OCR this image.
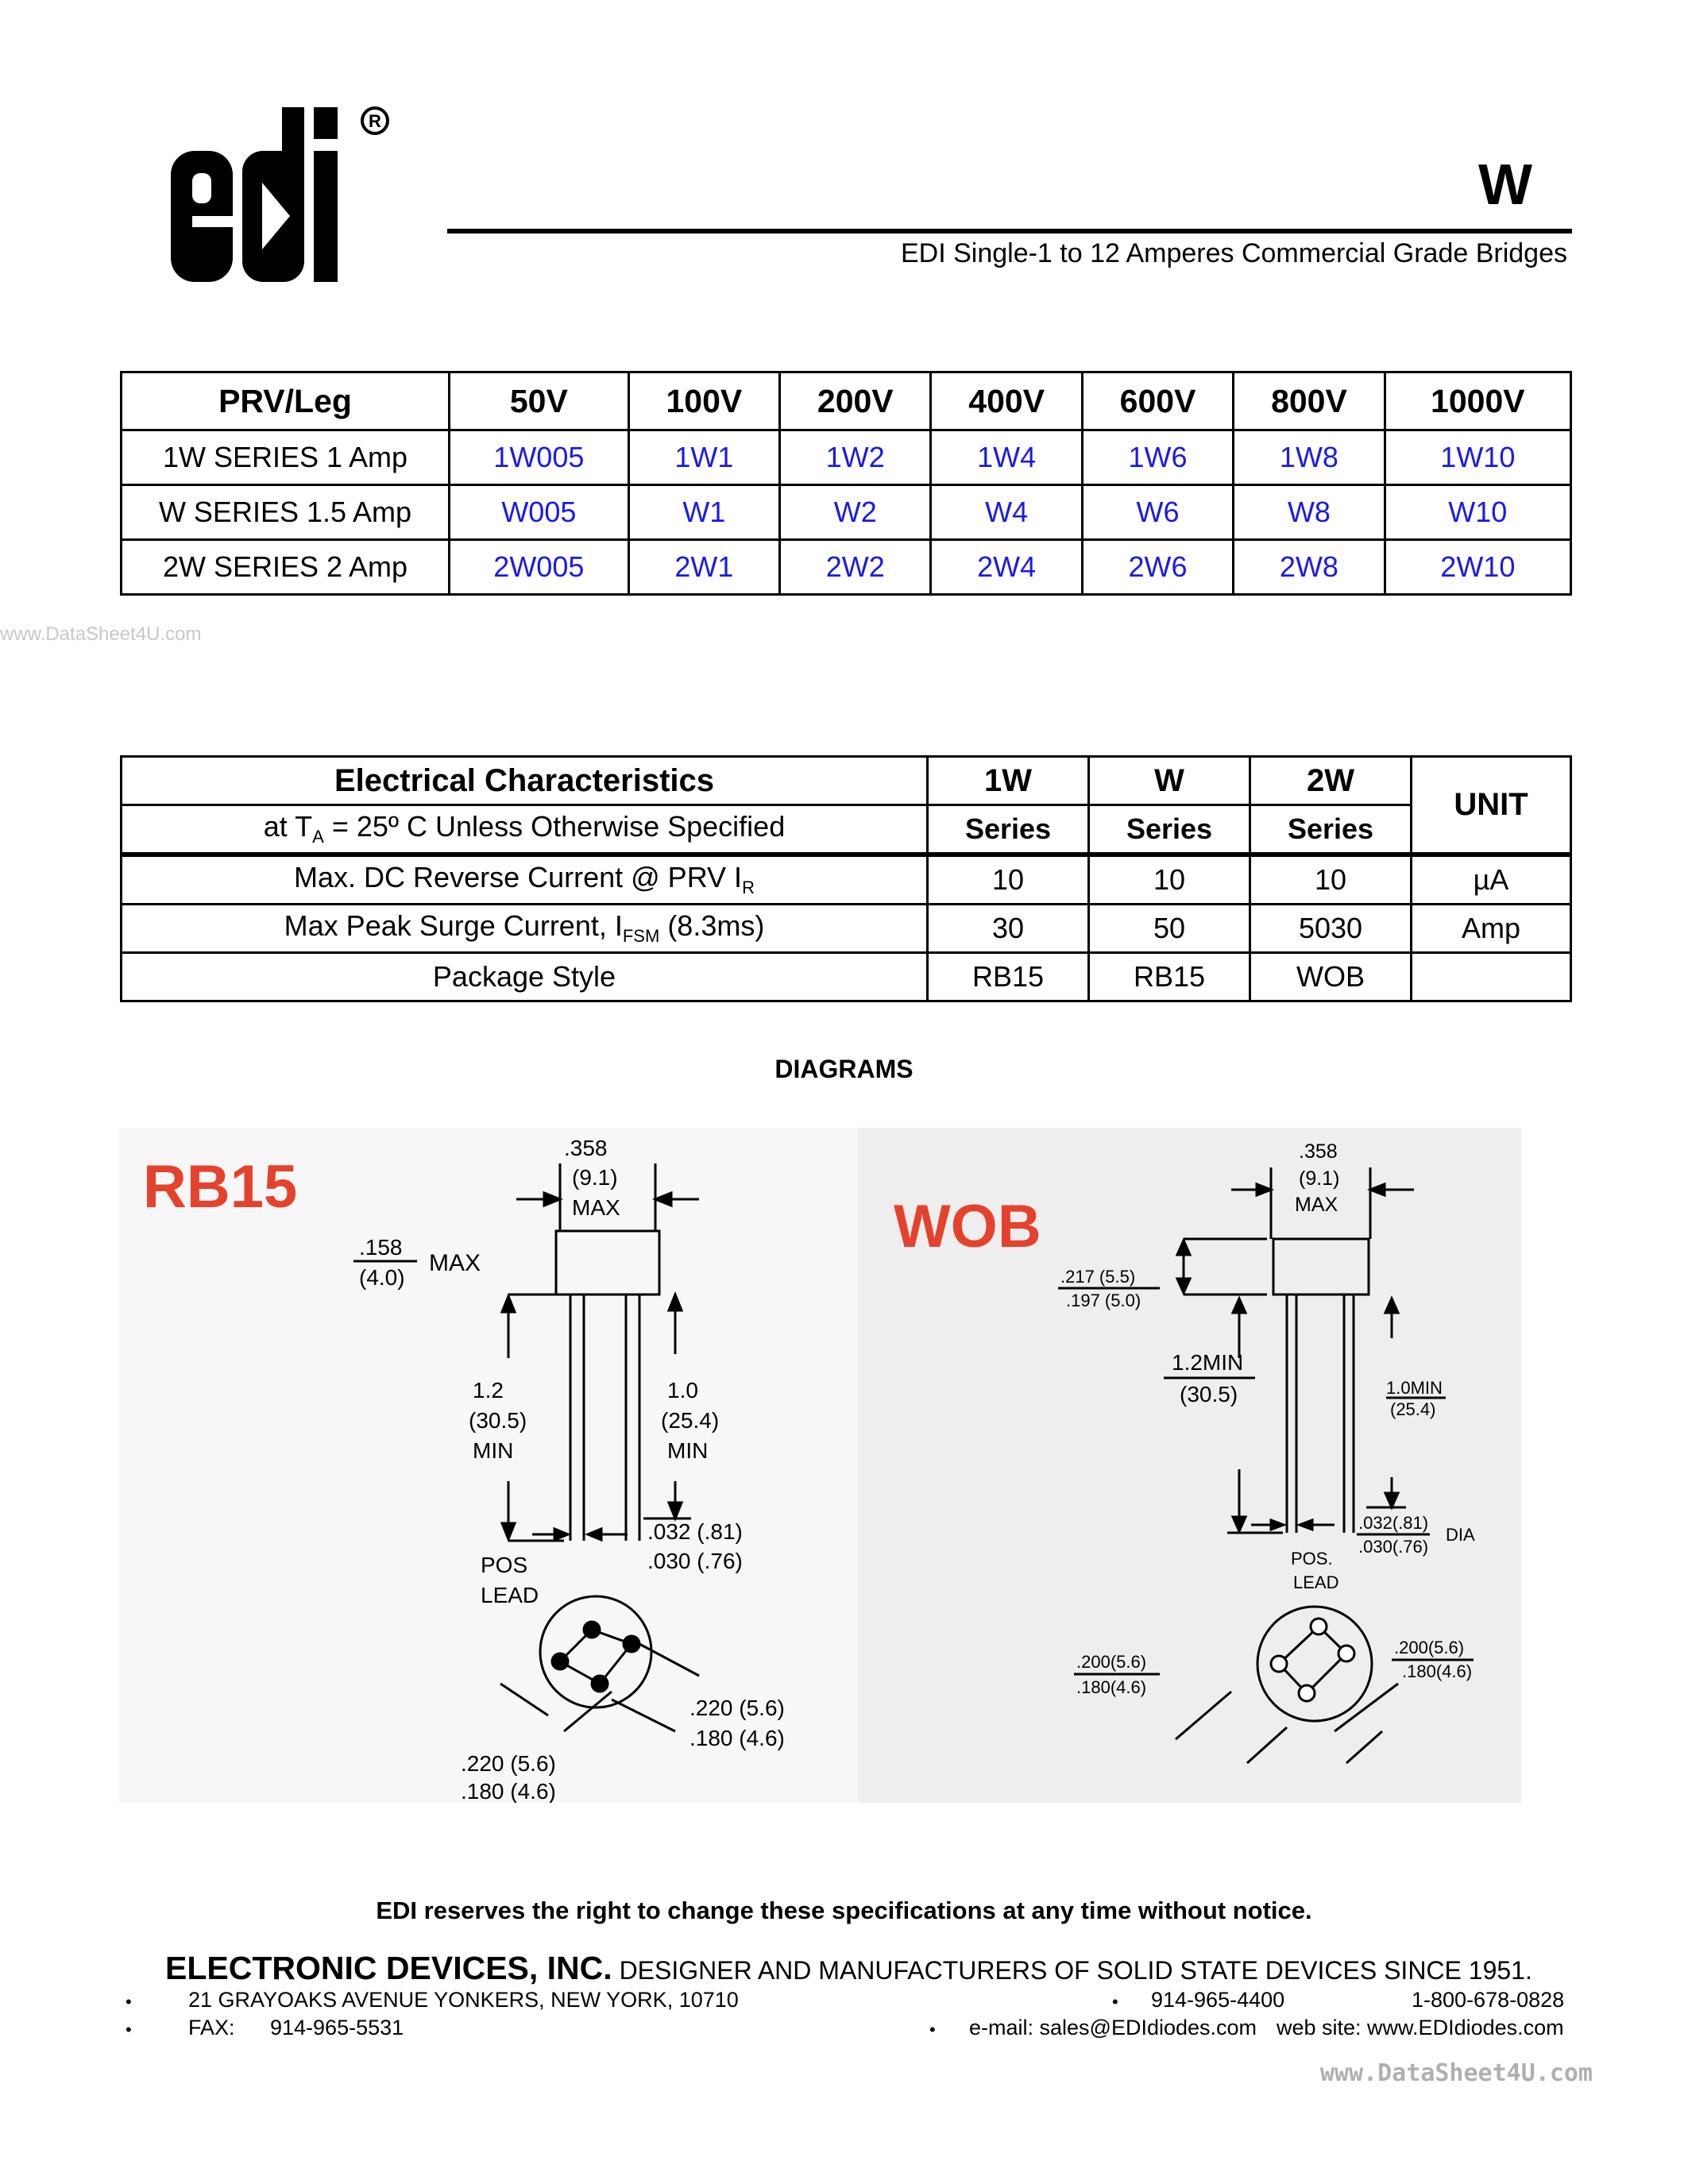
R
W
EDI Single-1 to 12 Amperes Commercial Grade Bridges
PRV/Leg	50V	100V	200V	400V	600V	800V	1000V
1W SERIES 1 Amp	1W005	1W1	1W2	1W4	1W6	1W8	1W10
W SERIES 1.5 Amp	W005	W1	W2	W4	W6	W8	W10
2W SERIES 2 Amp	2W005	2W1	2W2	2W4	2W6	2W8	2W10
www.DataSheet4U.com
Electrical Characteristics	1W	W	2W	UNIT
at $T_A$ = 25º C Unless Otherwise Specified	Series	Series	Series	
Max. DC Reverse Current @ PRV $I_R$	10	10	10	µA
Max Peak Surge Current, $I_{FSM}$ (8.3ms)	30	50	5030	Amp
Package Style	RB15	RB15	WOB	
DIAGRAMS
RB15
.358
(9.1)
MAX
.158
(4.0)
MAX
1.2
(30.5)
MIN
1.0
(25.4)
MIN
.032 (.81)
.030 (.76)
POS
LEAD
.220 (5.6)
.180 (4.6)
.220 (5.6)
.180 (4.6)
WOB
.358
(9.1)
MAX
.217 (5.5)
.197 (5.0)
1.2MIN
(30.5)	1.0MIN
(25.4)
.032(.81)
.030(.76)
DIA
POS.
LEAD
.200(5.6)
.180(4.6)
.200(5.6)
.180(4.6)
EDI reserves the right to change these specifications at any time without notice.
ELECTRONIC DEVICES, INC. DESIGNER AND MANUFACTURERS OF SOLID STATE DEVICES SINCE 1951.
•	21 GRAYOAKS AVENUE YONKERS, NEW YORK, 10710	• 914-965-4400	1-800-678-0828
•	FAX: 914-965-5531	• e-mail: sales@EDIdiodes.com web site: www.EDIdiodes.com
www.DataSheet4U.com
